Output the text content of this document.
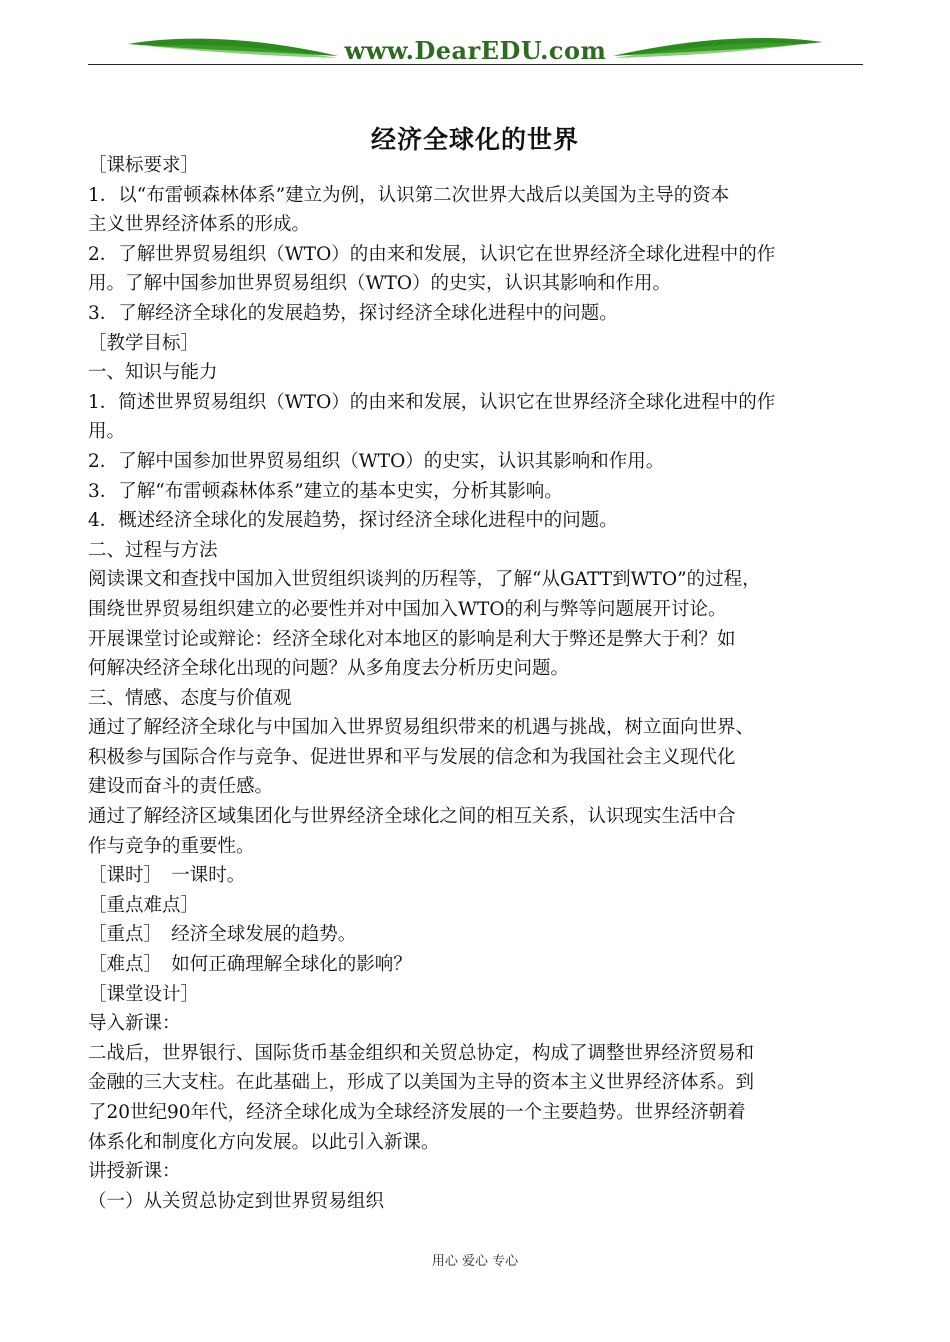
www.DearEDU.com
经济全球化的世界
［课标要求］
1．以“布雷顿森林体系”建立为例，认识第二次世界大战后以美国为主导的资本
主义世界经济体系的形成。
2．了解世界贸易组织（WTO）的由来和发展，认识它在世界经济全球化进程中的作
用。了解中国参加世界贸易组织（WTO）的史实，认识其影响和作用。
3．了解经济全球化的发展趋势，探讨经济全球化进程中的问题。
［教学目标］
一、知识与能力
1．简述世界贸易组织（WTO）的由来和发展，认识它在世界经济全球化进程中的作
用。
2．了解中国参加世界贸易组织（WTO）的史实，认识其影响和作用。
3．了解“布雷顿森林体系”建立的基本史实，分析其影响。
4．概述经济全球化的发展趋势，探讨经济全球化进程中的问题。
二、过程与方法
阅读课文和查找中国加入世贸组织谈判的历程等，了解“从GATT到WTO”的过程，
围绕世界贸易组织建立的必要性并对中国加入WTO的利与弊等问题展开讨论。
开展课堂讨论或辩论：经济全球化对本地区的影响是利大于弊还是弊大于利？如
何解决经济全球化出现的问题？从多角度去分析历史问题。
三、情感、态度与价值观
通过了解经济全球化与中国加入世界贸易组织带来的机遇与挑战，树立面向世界、
积极参与国际合作与竞争、促进世界和平与发展的信念和为我国社会主义现代化
建设而奋斗的责任感。
通过了解经济区域集团化与世界经济全球化之间的相互关系，认识现实生活中合
作与竞争的重要性。
［课时］　一课时。
［重点难点］
［重点］　经济全球发展的趋势。
［难点］　如何正确理解全球化的影响？
［课堂设计］
导入新课：
二战后，世界银行、国际货币基金组织和关贸总协定，构成了调整世界经济贸易和
金融的三大支柱。在此基础上，形成了以美国为主导的资本主义世界经济体系。到
了20世纪90年代，经济全球化成为全球经济发展的一个主要趋势。世界经济朝着
体系化和制度化方向发展。以此引入新课。
讲授新课：
（一）从关贸总协定到世界贸易组织
用心 爱心 专心
